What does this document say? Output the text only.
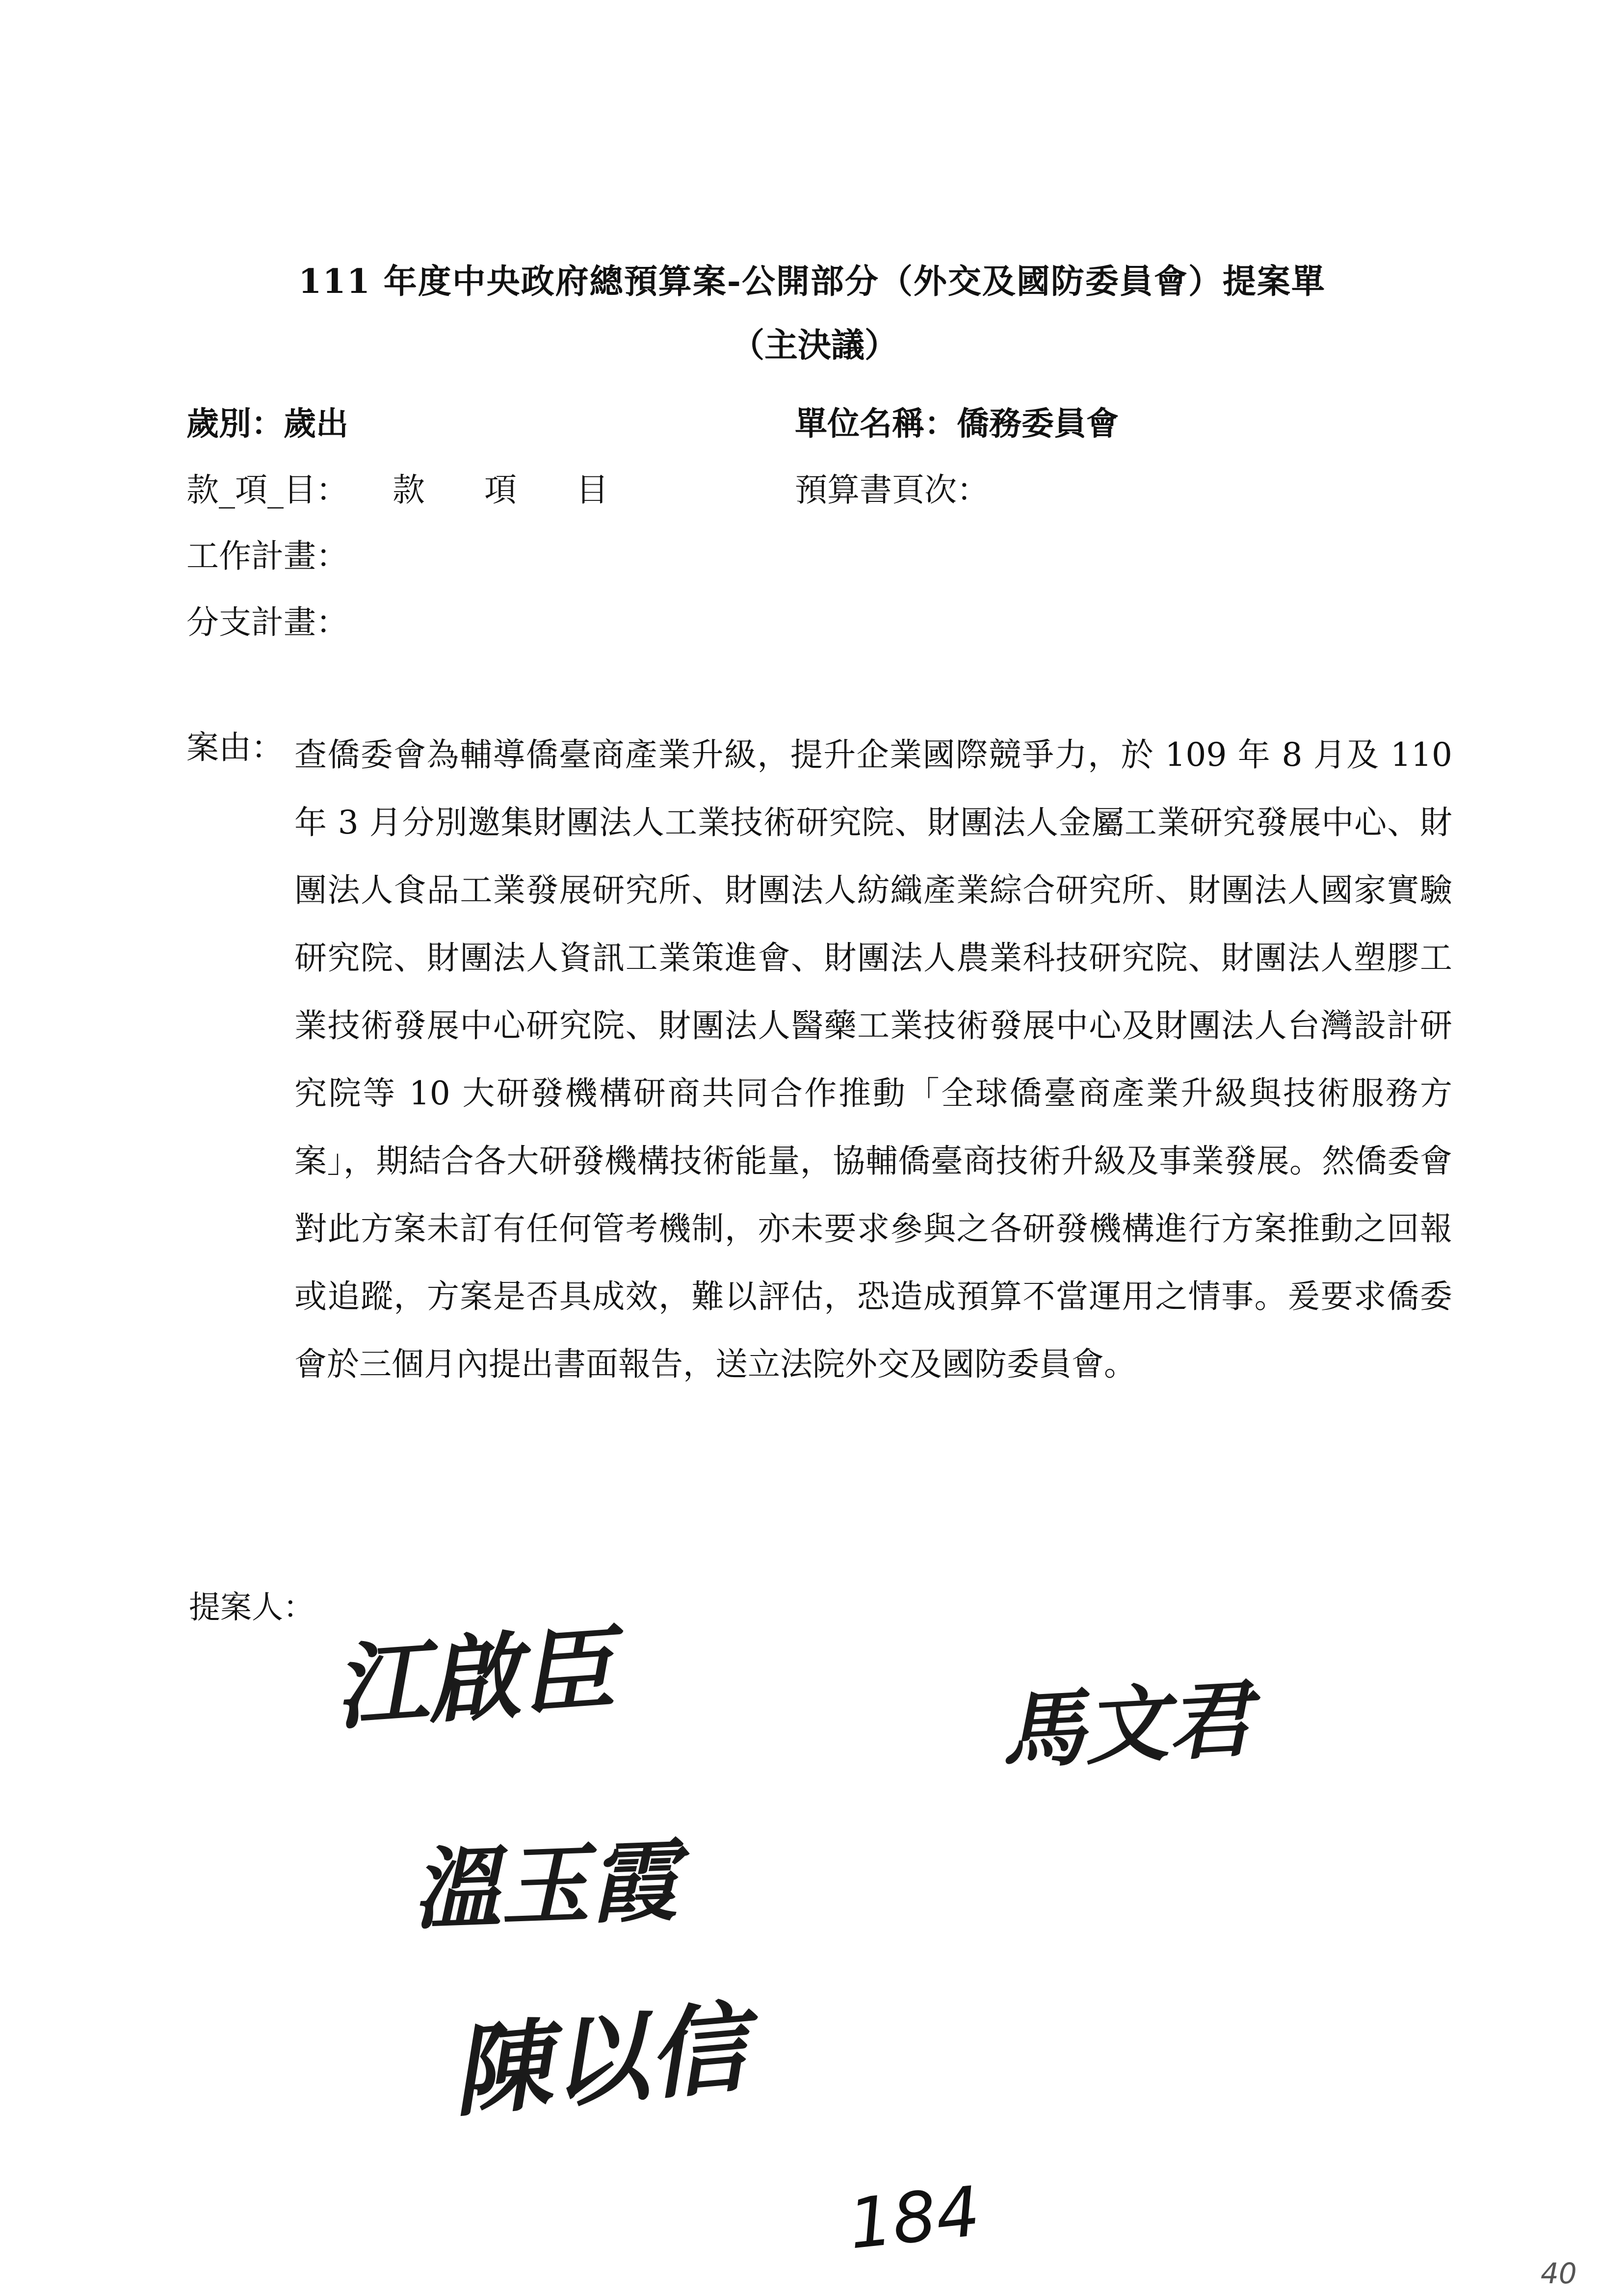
111 年度中央政府總預算案-公開部分（外交及國防委員會）提案單
（主決議）
歲別：歲出	單位名稱：僑務委員會
款_項_目： 款 項 目	預算書頁次：
工作計畫：
分支計畫：
案由： 查僑委會為輔導僑臺商產業升級，提升企業國際競爭力，於 109 年 8 月及 110 年 3 月分別邀集財團法人工業技術研究院、財團法人金屬工業研究發展中心、財團法人食品工業發展研究所、財團法人紡織產業綜合研究所、財團法人國家實驗研究院、財團法人資訊工業策進會、財團法人農業科技研究院、財團法人塑膠工業技術發展中心研究院、財團法人醫藥工業技術發展中心及財團法人台灣設計研究院等 10 大研發機構研商共同合作推動「全球僑臺商產業升級與技術服務方案」，期結合各大研發機構技術能量，協輔僑臺商技術升級及事業發展。然僑委會對此方案未訂有任何管考機制，亦未要求參與之各研發機構進行方案推動之回報或追蹤，方案是否具成效，難以評估，恐造成預算不當運用之情事。爰要求僑委會於三個月內提出書面報告，送立法院外交及國防委員會。
提案人：
江啟臣	馬文君
溫玉霞
陳以信
184
40
